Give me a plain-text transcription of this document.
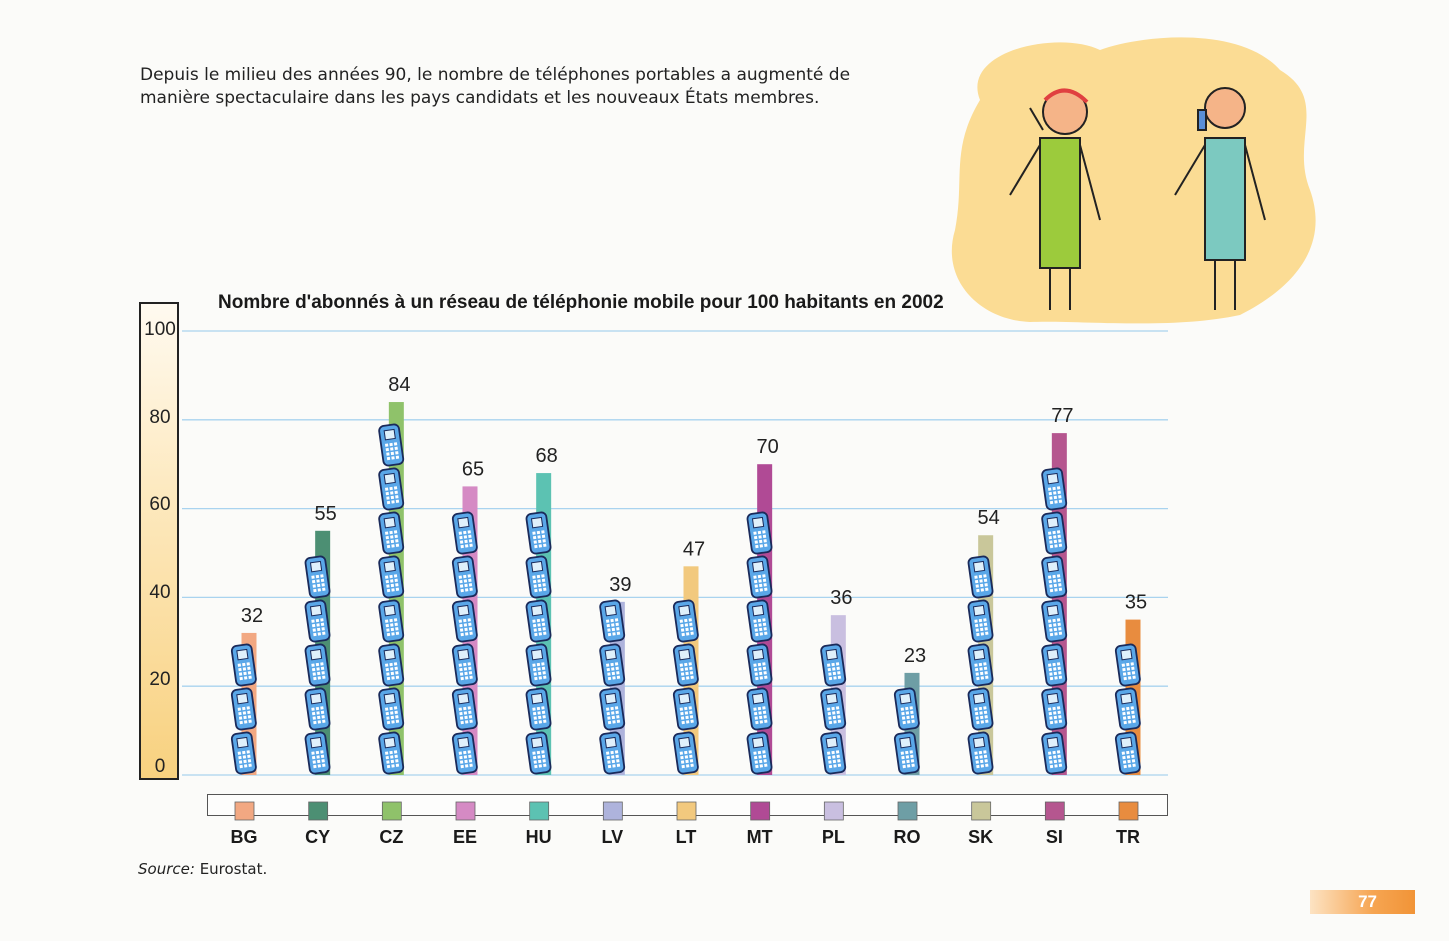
Depuis le milieu des années 90, le nombre de téléphones portables a augmenté de manière spectaculaire dans les pays candidats et les nouveaux États membres.
Nombre d'abonnés à un réseau de téléphonie mobile pour 100 habitants en 2002
100
80
60
40
20
0
32
BG
55
CY
84
CZ
65
EE
68
HU
39
LV
47
LT
70
MT
36
PL
23
RO
54
SK
77
SI
35
TR
Source: Eurostat.
77
